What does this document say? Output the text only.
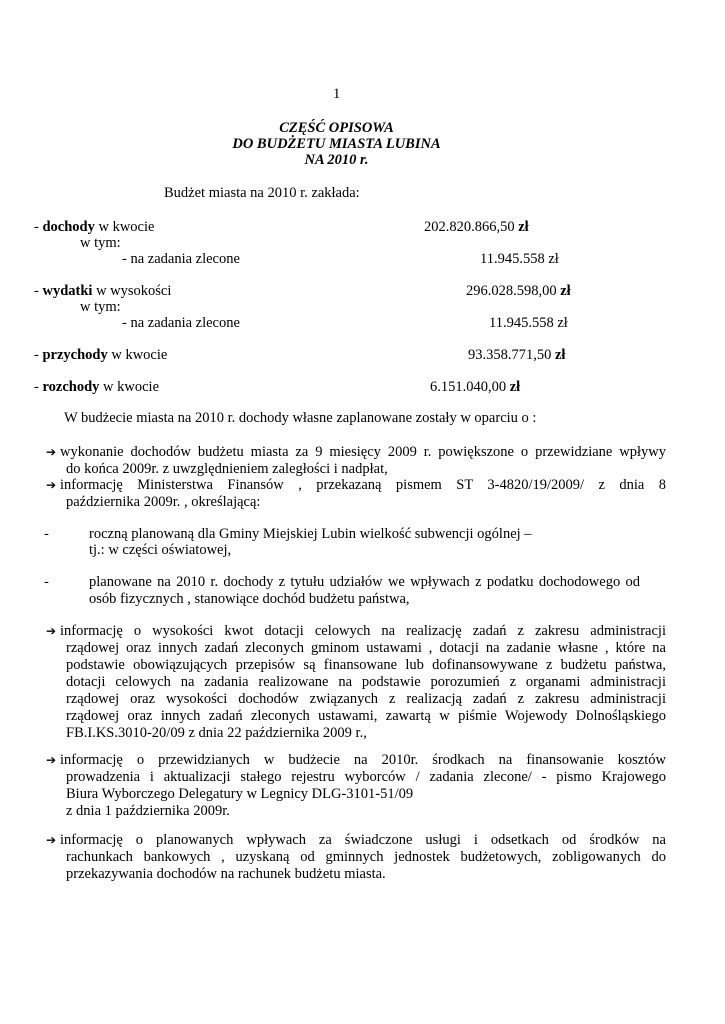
1
CZĘŚĆ OPISOWA
DO BUDŻETU MIASTA LUBINA
NA 2010 r.
Budżet miasta na 2010 r. zakłada:
- dochody w kwocie	202.820.866,50 zł
w tym:
- na zadania zlecone	11.945.558 zł
- wydatki w wysokości	296.028.598,00 zł
w tym:
- na zadania zlecone	11.945.558 zł
- przychody w kwocie	93.358.771,50 zł
- rozchody w kwocie	6.151.040,00 zł
W budżecie miasta na 2010 r. dochody własne zaplanowane zostały w oparciu o :
➔ wykonanie dochodów budżetu miasta za 9 miesięcy 2009 r. powiększone o przewidziane wpływy
do końca 2009r. z uwzględnieniem zaległości i nadpłat,
➔ informację Ministerstwa Finansów , przekazaną pismem ST 3-4820/19/2009/ z dnia 8
października 2009r. , określającą:
-	roczną planowaną dla Gminy Miejskiej Lubin wielkość subwencji ogólnej –
tj.: w części oświatowej,
-	planowane na 2010 r. dochody z tytułu udziałów we wpływach z podatku dochodowego od
osób fizycznych , stanowiące dochód budżetu państwa,
➔ informację o wysokości kwot dotacji celowych na realizację zadań z zakresu administracji
rządowej oraz innych zadań zleconych gminom ustawami , dotacji na zadanie własne , które na
podstawie obowiązujących przepisów są finansowane lub dofinansowywane z budżetu państwa,
dotacji celowych na zadania realizowane na podstawie porozumień z organami administracji
rządowej oraz wysokości dochodów związanych z realizacją zadań z zakresu administracji
rządowej oraz innych zadań zleconych ustawami, zawartą w piśmie Wojewody Dolnośląskiego
FB.I.KS.3010-20/09 z dnia 22 października 2009 r.,
➔ informację o przewidzianych w budżecie na 2010r. środkach na finansowanie kosztów
prowadzenia i aktualizacji stałego rejestru wyborców / zadania zlecone/ - pismo Krajowego
Biura Wyborczego Delegatury w Legnicy DLG-3101-51/09
z dnia 1 października 2009r.
➔ informację o planowanych wpływach za świadczone usługi i odsetkach od środków na
rachunkach bankowych , uzyskaną od gminnych jednostek budżetowych, zobligowanych do
przekazywania dochodów na rachunek budżetu miasta.
